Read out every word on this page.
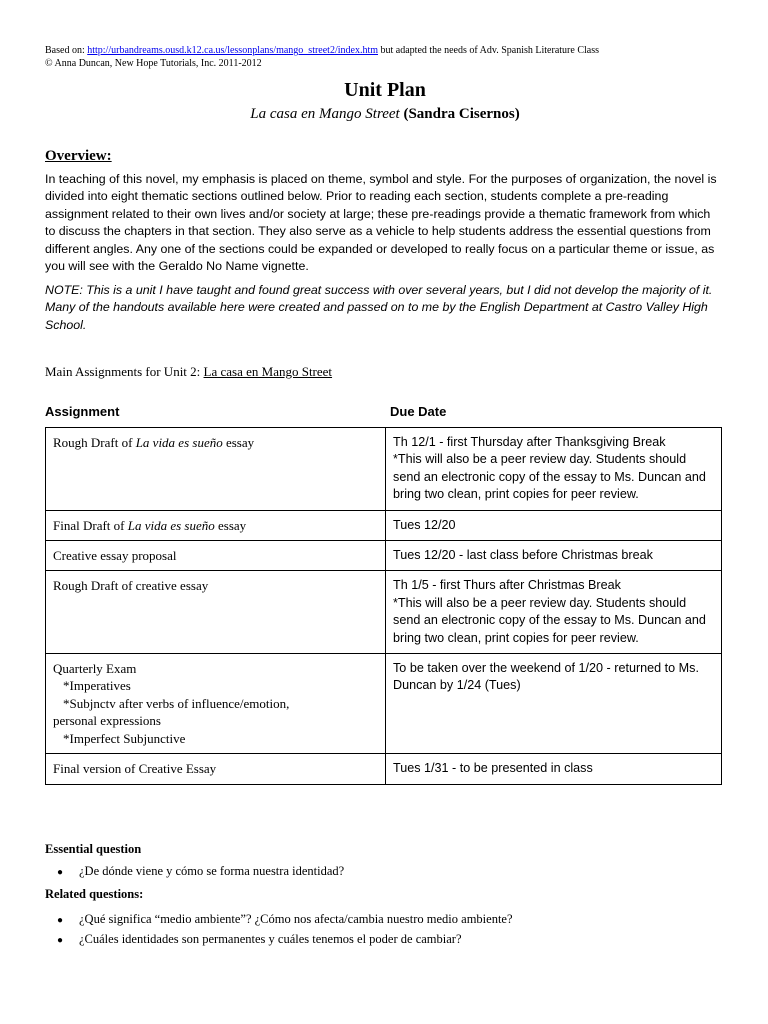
Based on: http://urbandreams.ousd.k12.ca.us/lessonplans/mango_street2/index.htm but adapted the needs of Adv. Spanish Literature Class
© Anna Duncan, New Hope Tutorials, Inc. 2011-2012
Unit Plan
La casa en Mango Street (Sandra Cisernos)
Overview:

In teaching of this novel, my emphasis is placed on theme, symbol and style. For the purposes of organization, the novel is divided into eight thematic sections outlined below. Prior to reading each section, students complete a pre-reading assignment related to their own lives and/or society at large; these pre-readings provide a thematic framework from which to discuss the chapters in that section. They also serve as a vehicle to help students address the essential questions from different angles. Any one of the sections could be expanded or developed to really focus on a particular theme or issue, as you will see with the Geraldo No Name vignette.

NOTE: This is a unit I have taught and found great success with over several years, but I did not develop the majority of it. Many of the handouts available here were created and passed on to me by the English Department at Castro Valley High School.

Main Assignments for Unit 2: La casa en Mango Street
Assignment	Due Date
Rough Draft of La vida es sueño essay	Th 12/1 - first Thursday after Thanksgiving Break
*This will also be a peer review day. Students should send an electronic copy of the essay to Ms. Duncan and bring two clean, print copies for peer review.

Final Draft of La vida es sueño essay	Tues 12/20

Creative essay proposal	Tues 12/20 - last class before Christmas break

Rough Draft of creative essay	Th 1/5 - first Thurs after Christmas Break
*This will also be a peer review day. Students should send an electronic copy of the essay to Ms. Duncan and bring two clean, print copies for peer review.

Quarterly Exam
*Imperatives
*Subjnctv after verbs of influence/emotion,
personal expressions
*Imperfect Subjunctive	To be taken over the weekend of 1/20 - returned to Ms. Duncan by 1/24 (Tues)

Final version of Creative Essay	Tues 1/31 - to be presented in class
Essential question
● ¿De dónde viene y cómo se forma nuestra identidad?
Related questions:
● ¿Qué significa “medio ambiente”? ¿Cómo nos afecta/cambia nuestro medio ambiente?
● ¿Cuáles identidades son permanentes y cuáles tenemos el poder de cambiar?
